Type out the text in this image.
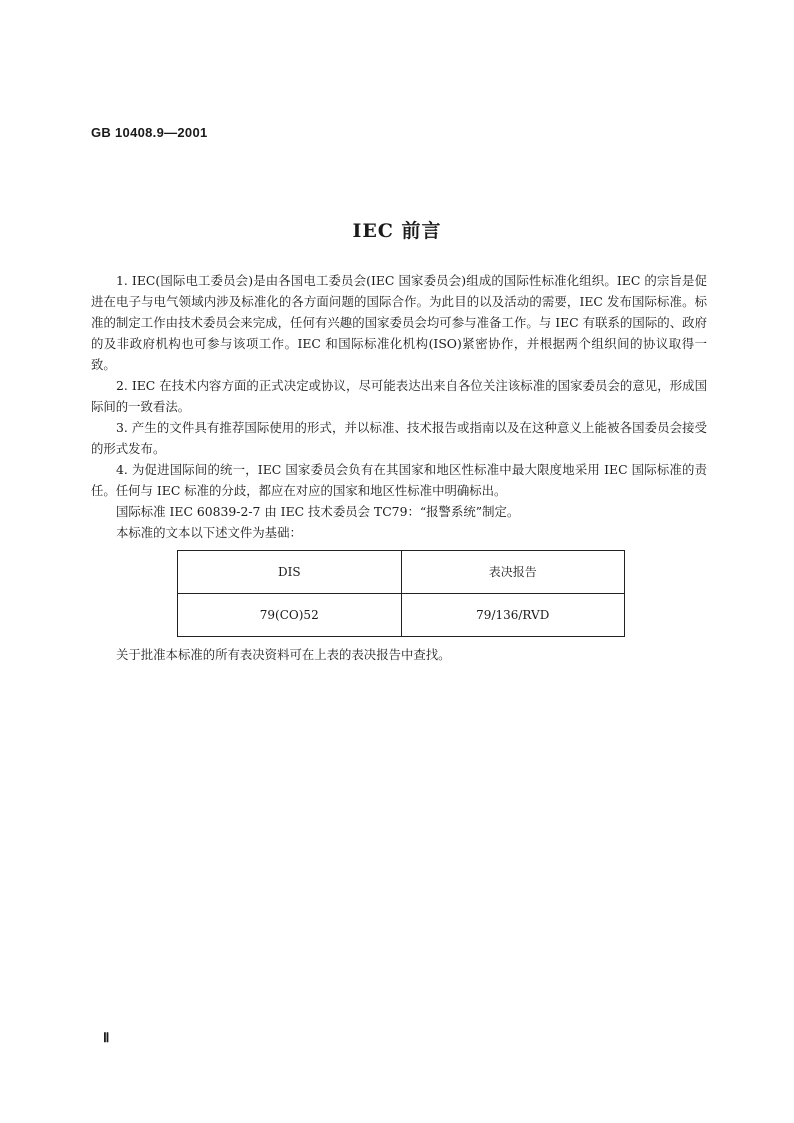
GB 10408.9—2001
IEC 前言

1. IEC(国际电工委员会)是由各国电工委员会(IEC 国家委员会)组成的国际性标准化组织。IEC 的宗旨是促进在电子与电气领域内涉及标准化的各方面问题的国际合作。为此目的以及活动的需要，IEC 发布国际标准。标准的制定工作由技术委员会来完成，任何有兴趣的国家委员会均可参与准备工作。与 IEC 有联系的国际的、政府的及非政府机构也可参与该项工作。IEC 和国际标准化机构(ISO)紧密协作，并根据两个组织间的协议取得一致。

2. IEC 在技术内容方面的正式决定或协议，尽可能表达出来自各位关注该标准的国家委员会的意见，形成国际间的一致看法。

3. 产生的文件具有推荐国际使用的形式，并以标准、技术报告或指南以及在这种意义上能被各国委员会接受的形式发布。

4. 为促进国际间的统一，IEC 国家委员会负有在其国家和地区性标准中最大限度地采用 IEC 国际标准的责任。任何与 IEC 标准的分歧，都应在对应的国家和地区性标准中明确标出。

国际标准 IEC 60839-2-7 由 IEC 技术委员会 TC79：“报警系统”制定。

本标准的文本以下述文件为基础：

DIS	表决报告
79(CO)52	79/136/RVD

关于批准本标准的所有表决资料可在上表的表决报告中查找。

Ⅱ
